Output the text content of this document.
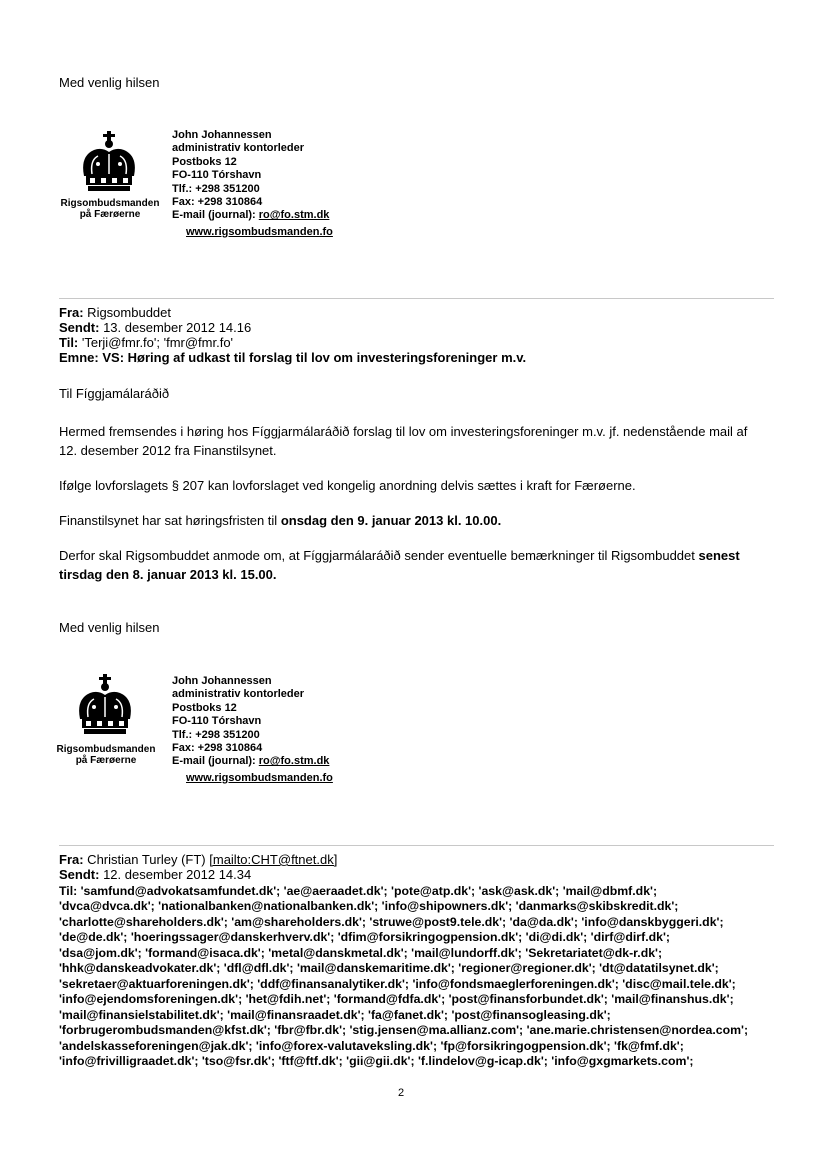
Med venlig hilsen
Rigsombudsmanden
på Færøerne
John Johannessen
administrativ kontorleder
Postboks 12
FO-110 Tórshavn
Tlf.: +298 351200
Fax: +298 310864
E-mail (journal): ro@fo.stm.dk
www.rigsombudsmanden.fo
Fra: Rigsombuddet
Sendt: 13. desember 2012 14.16
Til: 'Terji@fmr.fo'; 'fmr@fmr.fo'
Emne: VS: Høring af udkast til forslag til lov om investeringsforeninger m.v.
Til Fíggjamálaráðið
Hermed fremsendes i høring hos Fíggjarmálaráðið forslag til lov om investeringsforeninger m.v. jf. nedenstående mail af 12. desember 2012 fra Finanstilsynet.
Ifølge lovforslagets § 207 kan lovforslaget ved kongelig anordning delvis sættes i kraft for Færøerne.
Finanstilsynet har sat høringsfristen til onsdag den 9. januar 2013 kl. 10.00.
Derfor skal Rigsombuddet anmode om, at Fíggjarmálaráðið sender eventuelle bemærkninger til Rigsombuddet senest tirsdag den 8. januar 2013 kl. 15.00.
Med venlig hilsen
Rigsombudsmanden
på Færøerne
John Johannessen
administrativ kontorleder
Postboks 12
FO-110 Tórshavn
Tlf.: +298 351200
Fax: +298 310864
E-mail (journal): ro@fo.stm.dk
www.rigsombudsmanden.fo
Fra: Christian Turley (FT) [mailto:CHT@ftnet.dk]
Sendt: 12. desember 2012 14.34
Til: 'samfund@advokatsamfundet.dk'; 'ae@aeraadet.dk'; 'pote@atp.dk'; 'ask@ask.dk'; 'mail@dbmf.dk';
'dvca@dvca.dk'; 'nationalbanken@nationalbanken.dk'; 'info@shipowners.dk'; 'danmarks@skibskredit.dk';
'charlotte@shareholders.dk'; 'am@shareholders.dk'; 'struwe@post9.tele.dk'; 'da@da.dk'; 'info@danskbyggeri.dk';
'de@de.dk'; 'hoeringssager@danskerhverv.dk'; 'dfim@forsikringogpension.dk'; 'di@di.dk'; 'dirf@dirf.dk';
'dsa@jom.dk'; 'formand@isaca.dk'; 'metal@danskmetal.dk'; 'mail@lundorff.dk'; 'Sekretariatet@dk-r.dk';
'hhk@danskeadvokater.dk'; 'dfl@dfl.dk'; 'mail@danskemaritime.dk'; 'regioner@regioner.dk'; 'dt@datatilsynet.dk';
'sekretaer@aktuarforeningen.dk'; 'ddf@finansanalytiker.dk'; 'info@fondsmaeglerforeningen.dk'; 'disc@mail.tele.dk';
'info@ejendomsforeningen.dk'; 'het@fdih.net'; 'formand@fdfa.dk'; 'post@finansforbundet.dk'; 'mail@finanshus.dk';
'mail@finansielstabilitet.dk'; 'mail@finansraadet.dk'; 'fa@fanet.dk'; 'post@finansogleasing.dk';
'forbrugerombudsmanden@kfst.dk'; 'fbr@fbr.dk'; 'stig.jensen@ma.allianz.com'; 'ane.marie.christensen@nordea.com';
'andelskasseforeningen@jak.dk'; 'info@forex-valutaveksling.dk'; 'fp@forsikringogpension.dk'; 'fk@fmf.dk';
'info@frivilligraadet.dk'; 'tso@fsr.dk'; 'ftf@ftf.dk'; 'gii@gii.dk'; 'f.lindelov@g-icap.dk'; 'info@gxgmarkets.com';
2
